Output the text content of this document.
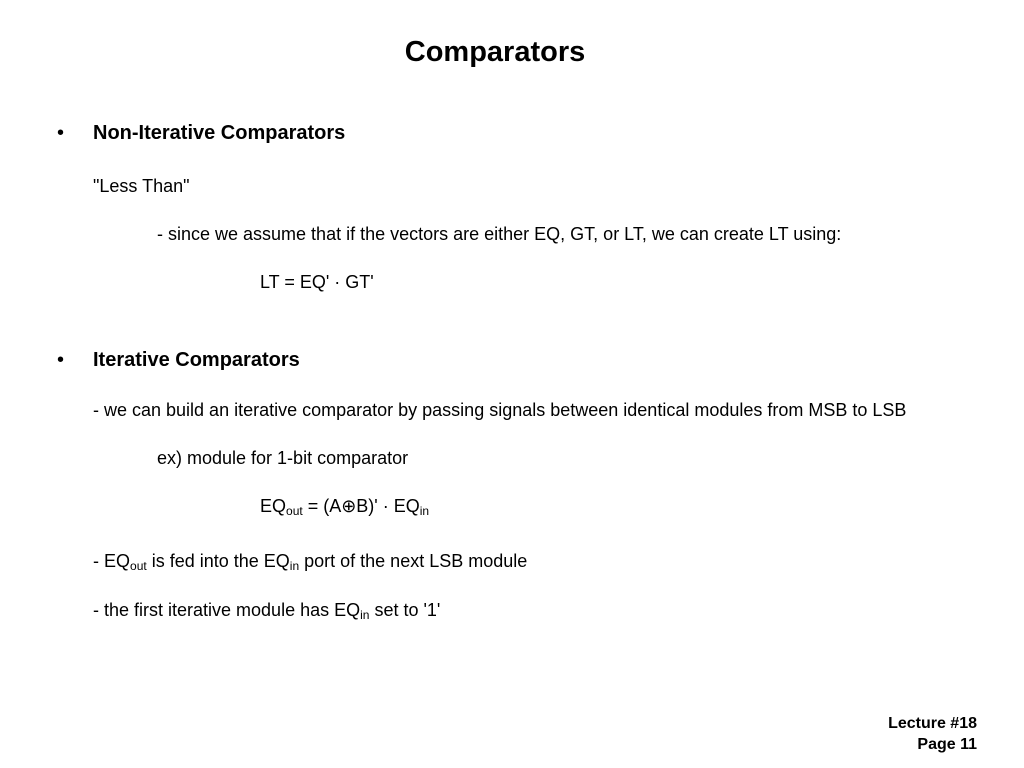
Comparators
• Non-Iterative Comparators
"Less Than"
- since we assume that if the vectors are either EQ, GT, or LT, we can create LT using:
LT = EQ' · GT'
• Iterative Comparators
- we can build an iterative comparator by passing signals between identical modules from MSB to LSB
ex) module for 1-bit comparator
$EQ_{out}$ = (A⊕B)' · $EQ_{in}$
- $EQ_{out}$ is fed into the $EQ_{in}$ port of the next LSB module
- the first iterative module has $EQ_{in}$ set to '1'
Lecture #18
Page 11
